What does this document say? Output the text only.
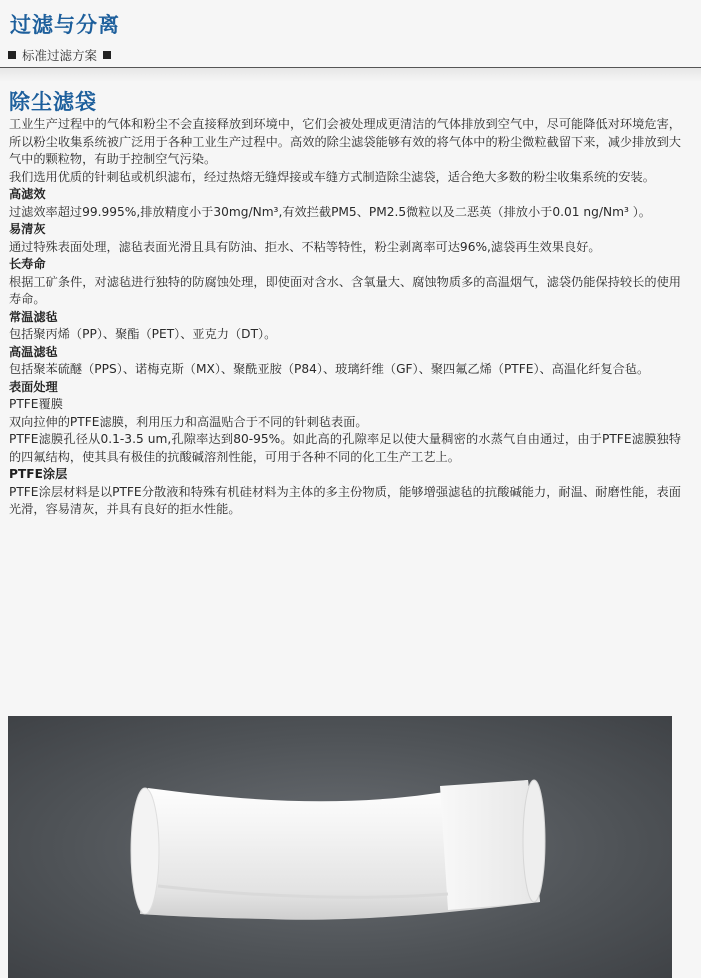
过滤与分离
标准过滤方案
除尘滤袋

工业生产过程中的气体和粉尘不会直接释放到环境中，它们会被处理成更清洁的气体排放到空气中，尽可能降低对环境危害，所以粉尘收集系统被广泛用于各种工业生产过程中。高效的除尘滤袋能够有效的将气体中的粉尘微粒截留下来，减少排放到大气中的颗粒物，有助于控制空气污染。

我们选用优质的针刺毡或机织滤布，经过热熔无缝焊接或车缝方式制造除尘滤袋，适合绝大多数的粉尘收集系统的安装。

高滤效

过滤效率超过99.995%,排放精度小于30mg/Nm³,有效拦截PM5、PM2.5微粒以及二恶英（排放小于0.01 ng/Nm³ ）。

易清灰

通过特殊表面处理，滤毡表面光滑且具有防油、拒水、不粘等特性，粉尘剥离率可达96%,滤袋再生效果良好。

长寿命

根据工矿条件，对滤毡进行独特的防腐蚀处理，即使面对含水、含氧量大、腐蚀物质多的高温烟气，滤袋仍能保持较长的使用寿命。

常温滤毡

包括聚丙烯（PP）、聚酯（PET）、亚克力（DT）。

高温滤毡

包括聚苯硫醚（PPS）、诺梅克斯（MX）、聚酰亚胺（P84）、玻璃纤维（GF）、聚四氟乙烯（PTFE）、高温化纤复合毡。

表面处理

PTFE覆膜

双向拉伸的PTFE滤膜，利用压力和高温贴合于不同的针刺毡表面。

PTFE滤膜孔径从0.1-3.5 um,孔隙率达到80-95%。如此高的孔隙率足以使大量稠密的水蒸气自由通过，由于PTFE滤膜独特的四氟结构，使其具有极佳的抗酸碱溶剂性能，可用于各种不同的化工生产工艺上。

PTFE涂层

PTFE涂层材料是以PTFE分散液和特殊有机硅材料为主体的多主份物质，能够增强滤毡的抗酸碱能力，耐温、耐磨性能，表面光滑，容易清灰，并具有良好的拒水性能。
